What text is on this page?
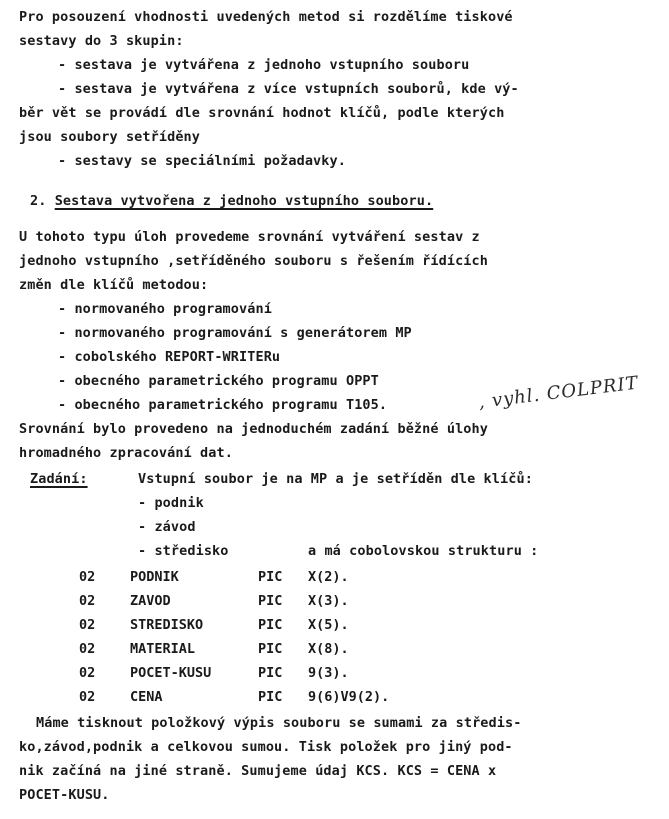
Pro posouzení vhodnosti uvedených metod si rozdělíme tiskové
sestavy do 3 skupin:
- sestava je vytvářena z jednoho vstupního souboru
- sestava je vytvářena z více vstupních souborů, kde vý-
běr vět se provádí dle srovnání hodnot klíčů, podle kterých
jsou soubory setříděny
- sestavy se speciálními požadavky.
2. Sestava vytvořena z jednoho vstupního souboru.
U tohoto typu úloh provedeme srovnání vytváření sestav z
jednoho vstupního ,setříděného souboru s řešením řídících
změn dle klíčů metodou:
- normovaného programování
- normovaného programování s generátorem MP
- cobolského REPORT-WRITERu
- obecného parametrického programu OPPT
- obecného parametrického programu T105.	, vyhl. COLPRIT
Srovnání bylo provedeno na jednoduchém zadání běžné úlohy
hromadného zpracování dat.
Zadání:	Vstupní soubor je na MP a je setříděn dle klíčů:
- podnik
- závod
- středisko	a má cobolovskou strukturu :
02	PODNIK	PIC X(2).
02	ZAVOD	PIC X(3).
02	STREDISKO	PIC X(5).
02	MATERIAL	PIC X(8).
02	POCET-KUSU	PIC 9(3).
02	CENA	PIC 9(6)V9(2).
Máme tisknout položkový výpis souboru se sumami za středis-
ko,závod,podnik a celkovou sumou. Tisk položek pro jiný pod-
nik začíná na jiné straně. Sumujeme údaj KCS. KCS = CENA x
POCET-KUSU.
